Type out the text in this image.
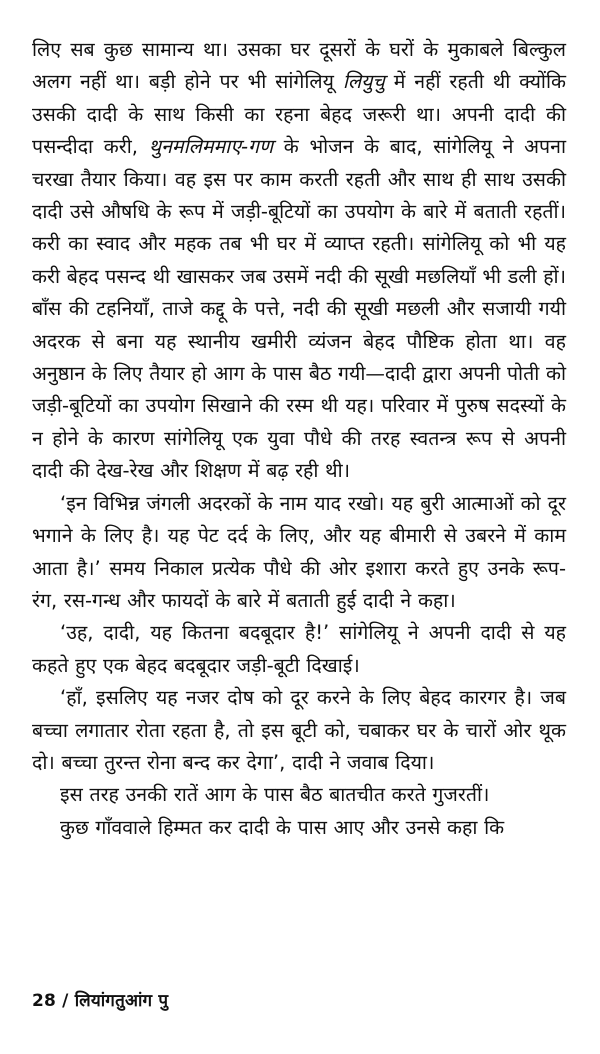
लिए सब कुछ सामान्य था। उसका घर दूसरों के घरों के मुकाबले बिल्कुल अलग नहीं था। बड़ी होने पर भी सांगेलियू लियुचु में नहीं रहती थी क्योंकि उसकी दादी के साथ किसी का रहना बेहद जरूरी था। अपनी दादी की पसन्दीदा करी, थुनमलिममाए-गण के भोजन के बाद, सांगेलियू ने अपना चरखा तैयार किया। वह इस पर काम करती रहती और साथ ही साथ उसकी दादी उसे औषधि के रूप में जड़ी-बूटियों का उपयोग के बारे में बताती रहतीं। करी का स्वाद और महक तब भी घर में व्याप्त रहती। सांगेलियू को भी यह करी बेहद पसन्द थी खासकर जब उसमें नदी की सूखी मछलियाँ भी डली हों। बाँस की टहनियाँ, ताजे कद्दू के पत्ते, नदी की सूखी मछली और सजायी गयी अदरक से बना यह स्थानीय खमीरी व्यंजन बेहद पौष्टिक होता था। वह अनुष्ठान के लिए तैयार हो आग के पास बैठ गयी—दादी द्वारा अपनी पोती को जड़ी-बूटियों का उपयोग सिखाने की रस्म थी यह। परिवार में पुरुष सदस्यों के न होने के कारण सांगेलियू एक युवा पौधे की तरह स्वतन्त्र रूप से अपनी दादी की देख-रेख और शिक्षण में बढ़ रही थी।

‘इन विभिन्न जंगली अदरकों के नाम याद रखो। यह बुरी आत्माओं को दूर भगाने के लिए है। यह पेट दर्द के लिए, और यह बीमारी से उबरने में काम आता है।’ समय निकाल प्रत्येक पौधे की ओर इशारा करते हुए उनके रूप-रंग, रस-गन्ध और फायदों के बारे में बताती हुई दादी ने कहा।

‘उह, दादी, यह कितना बदबूदार है!’ सांगेलियू ने अपनी दादी से यह कहते हुए एक बेहद बदबूदार जड़ी-बूटी दिखाई।

‘हाँ, इसलिए यह नजर दोष को दूर करने के लिए बेहद कारगर है। जब बच्चा लगातार रोता रहता है, तो इस बूटी को, चबाकर घर के चारों ओर थूक दो। बच्चा तुरन्त रोना बन्द कर देगा’, दादी ने जवाब दिया।

इस तरह उनकी रातें आग के पास बैठ बातचीत करते गुजरतीं।

कुछ गाँववाले हिम्मत कर दादी के पास आए और उनसे कहा कि

28 / लियांगतुआंग पु
